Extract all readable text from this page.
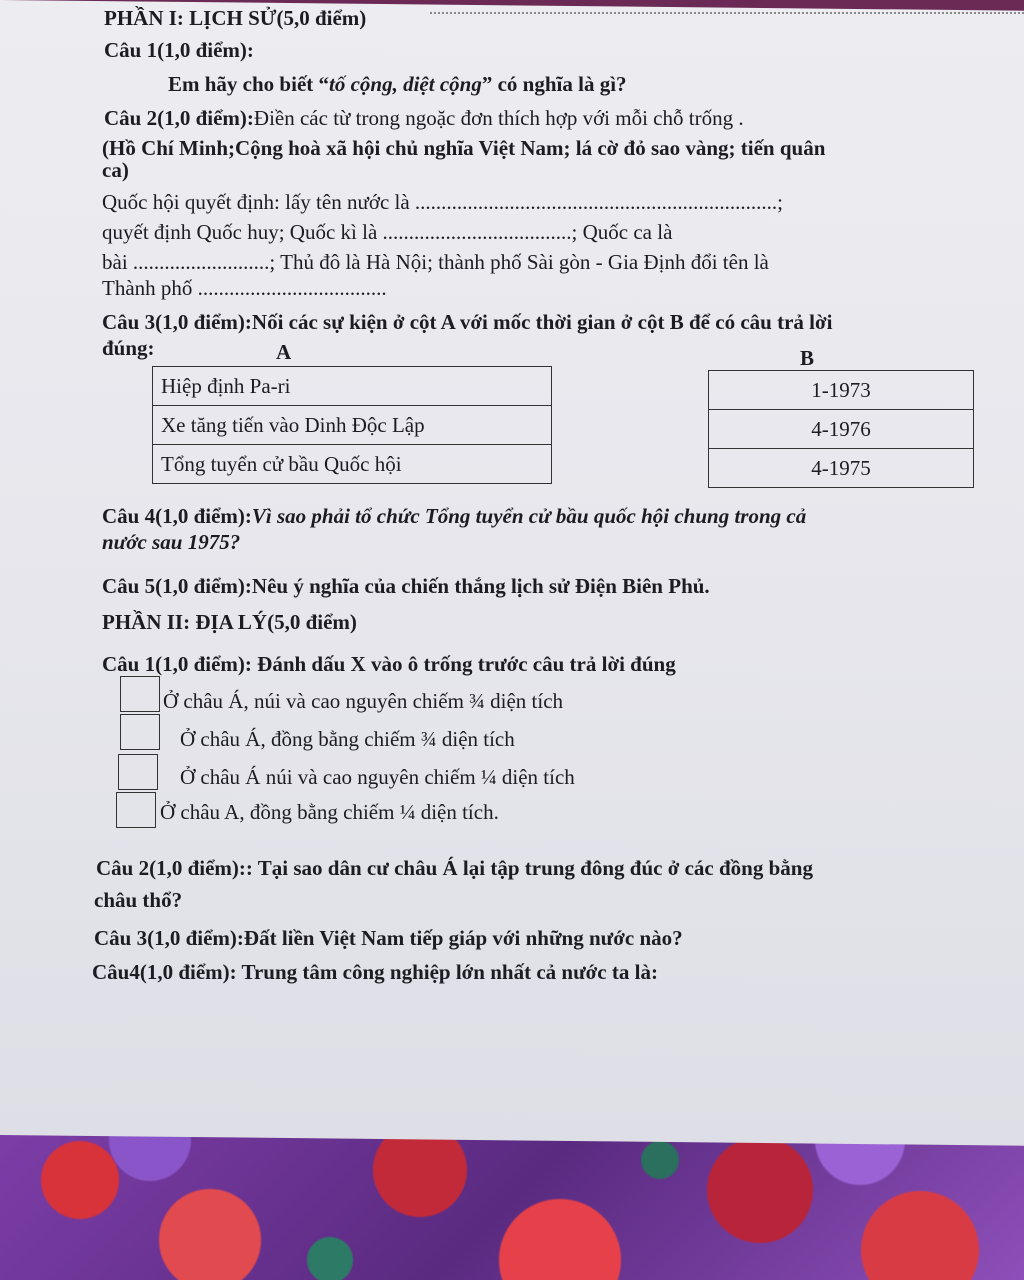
PHẦN I: LỊCH SỬ(5,0 điểm)
Câu 1(1,0 điểm):
Em hãy cho biết “tố cộng, diệt cộng” có nghĩa là gì?
Câu 2(1,0 điểm):Điền các từ trong ngoặc đơn thích hợp với mỗi chỗ trống .
(Hồ Chí Minh;Cộng hoà xã hội chủ nghĩa Việt Nam; lá cờ đỏ sao vàng; tiến quân
ca)
Quốc hội quyết định: lấy tên nước là .....................................................................;
quyết định Quốc huy; Quốc kì là ....................................; Quốc ca là
bài ..........................; Thủ đô là Hà Nội; thành phố Sài gòn - Gia Định đổi tên là
Thành phố ....................................
Câu 3(1,0 điểm):Nối các sự kiện ở cột A với mốc thời gian ở cột B để có câu trả lời
đúng:	A	B
Hiệp định Pa-ri
Xe tăng tiến vào Dinh Độc Lập
Tổng tuyển cử bầu Quốc hội
1-1973
4-1976
4-1975
Câu 4(1,0 điểm):Vì sao phải tổ chức Tổng tuyển cử bầu quốc hội chung trong cả
nước sau 1975?
Câu 5(1,0 điểm):Nêu ý nghĩa của chiến thắng lịch sử Điện Biên Phủ.
PHẦN II: ĐỊA LÝ(5,0 điểm)
Câu 1(1,0 điểm): Đánh dấu X vào ô trống trước câu trả lời đúng
Ở châu Á, núi và cao nguyên chiếm ¾ diện tích
Ở châu Á, đồng bằng chiếm ¾ diện tích
Ở châu Á núi và cao nguyên chiếm ¼ diện tích
Ở châu A, đồng bằng chiếm ¼ diện tích.
Câu 2(1,0 điểm):: Tại sao dân cư châu Á lại tập trung đông đúc ở các đồng bằng
châu thổ?
Câu 3(1,0 điểm):Đất liền Việt Nam tiếp giáp với những nước nào?
Câu4(1,0 điểm): Trung tâm công nghiệp lớn nhất cả nước ta là:
